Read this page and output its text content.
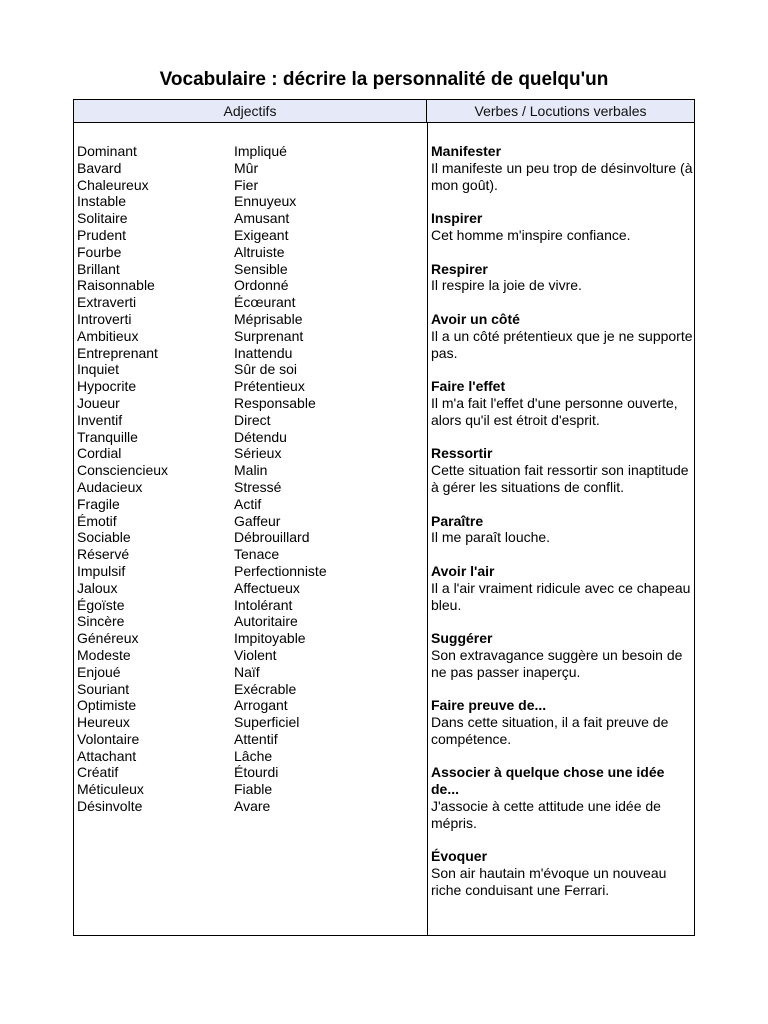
Vocabulaire : décrire la personnalité de quelqu'un
Adjectifs	Verbes / Locutions verbales
Dominant
Bavard
Chaleureux
Instable
Solitaire
Prudent
Fourbe
Brillant
Raisonnable
Extraverti
Introverti
Ambitieux
Entreprenant
Inquiet
Hypocrite
Joueur
Inventif
Tranquille
Cordial
Consciencieux
Audacieux
Fragile
Émotif
Sociable
Réservé
Impulsif
Jaloux
Égoïste
Sincère
Généreux
Modeste
Enjoué
Souriant
Optimiste
Heureux
Volontaire
Attachant
Créatif
Méticuleux
Désinvolte
Impliqué
Mûr
Fier
Ennuyeux
Amusant
Exigeant
Altruiste
Sensible
Ordonné
Écœurant
Méprisable
Surprenant
Inattendu
Sûr de soi
Prétentieux
Responsable
Direct
Détendu
Sérieux
Malin
Stressé
Actif
Gaffeur
Débrouillard
Tenace
Perfectionniste
Affectueux
Intolérant
Autoritaire
Impitoyable
Violent
Naïf
Exécrable
Arrogant
Superficiel
Attentif
Lâche
Étourdi
Fiable
Avare
Manifester
Il manifeste un peu trop de désinvolture (à mon goût).
Inspirer
Cet homme m'inspire confiance.
Respirer
Il respire la joie de vivre.
Avoir un côté
Il a un côté prétentieux que je ne supporte pas.
Faire l'effet
Il m'a fait l'effet d'une personne ouverte, alors qu'il est étroit d'esprit.
Ressortir
Cette situation fait ressortir son inaptitude à gérer les situations de conflit.
Paraître
Il me paraît louche.
Avoir l'air
Il a l'air vraiment ridicule avec ce chapeau bleu.
Suggérer
Son extravagance suggère un besoin de ne pas passer inaperçu.
Faire preuve de...
Dans cette situation, il a fait preuve de compétence.
Associer à quelque chose une idée de...
J'associe à cette attitude une idée de mépris.
Évoquer
Son air hautain m'évoque un nouveau riche conduisant une Ferrari.
